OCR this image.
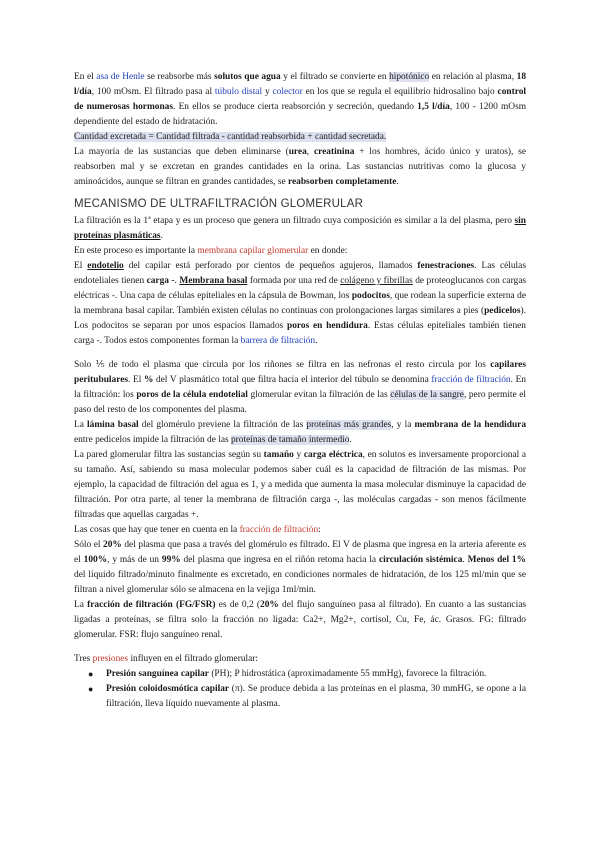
En el asa de Henle se reabsorbe más solutos que agua y el filtrado se convierte en hipotónico en relación al plasma, 18 l/día, 100 mOsm. El filtrado pasa al túbulo distal y colector en los que se regula el equilibrio hidrosalino bajo control de numerosas hormonas. En ellos se produce cierta reabsorción y secreción, quedando 1,5 l/día, 100 - 1200 mOsm dependiente del estado de hidratación.

Cantidad excretada = Cantidad filtrada - cantidad reabsorbida + cantidad secretada.

La mayoría de las sustancias que deben eliminarse (urea, creatinina + los hombres, ácido único y uratos), se reabsorben mal y se excretan en grandes cantidades en la orina. Las sustancias nutritivas como la glucosa y aminoácidos, aunque se filtran en grandes cantidades, se reabsorben completamente.

MECANISMO DE ULTRAFILTRACIÓN GLOMERULAR

La filtración es la 1ª etapa y es un proceso que genera un filtrado cuya composición es similar a la del plasma, pero sin proteínas plasmáticas.

En este proceso es importante la membrana capilar glomerular en donde:

El endotelio del capilar está perforado por cientos de pequeños agujeros, llamados fenestraciones. Las células endoteliales tienen carga -. Membrana basal formada por una red de colágeno y fibrillas de proteoglucanos con cargas eléctricas -. Una capa de células epiteliales en la cápsula de Bowman, los podocitos, que rodean la superficie externa de la membrana basal capilar. También existen células no continuas con prolongaciones largas similares a pies (pedicelos). Los podocitos se separan por unos espacios llamados poros en hendidura. Estas células epiteliales también tienen carga -. Todos estos componentes forman la barrera de filtración.

Solo ⅕ de todo el plasma que circula por los riñones se filtra en las nefronas el resto circula por los capilares peritubulares. El % del V plasmático total que filtra hacia el interior del túbulo se denomina fracción de filtración. En la filtración: los poros de la célula endotelial glomerular evitan la filtración de las células de la sangre, pero permite el paso del resto de los componentes del plasma.

La lámina basal del glomérulo previene la filtración de las proteínas más grandes, y la membrana de la hendidura entre pedicelos impide la filtración de las proteínas de tamaño intermedio.

La pared glomerular filtra las sustancias según su tamaño y carga eléctrica, en solutos es inversamente proporcional a su tamaño. Así, sabiendo su masa molecular podemos saber cuál es la capacidad de filtración de las mismas. Por ejemplo, la capacidad de filtración del agua es 1, y a medida que aumenta la masa molecular disminuye la capacidad de filtración. Por otra parte, al tener la membrana de filtración carga -, las moléculas cargadas - son menos fácilmente filtradas que aquellas cargadas +.

Las cosas que hay que tener en cuenta en la fracción de filtración:

Sólo el 20% del plasma que pasa a través del glomérulo es filtrado. El V de plasma que ingresa en la arteria aferente es el 100%, y más de un 99% del plasma que ingresa en el riñón retoma hacia la circulación sistémica. Menos del 1% del líquido filtrado/minuto finalmente es excretado, en condiciones normales de hidratación, de los 125 ml/min que se filtran a nivel glomerular sólo se almacena en la vejiga 1ml/min.

La fracción de filtración (FG/FSR) es de 0,2 (20% del flujo sanguíneo pasa al filtrado). En cuanto a las sustancias ligadas a proteínas, se filtra solo la fracción no ligada: Ca2+, Mg2+, cortisol, Cu, Fe, ác. Grasos. FG: filtrado glomerular. FSR: flujo sanguíneo renal.

Tres presiones influyen en el filtrado glomerular:

● Presión sanguínea capilar (PH); P hidrostática (aproximadamente 55 mmHg), favorece la filtración.
● Presión coloidosmótica capilar (π). Se produce debida a las proteínas en el plasma, 30 mmHG, se opone a la filtración, lleva líquido nuevamente al plasma.
